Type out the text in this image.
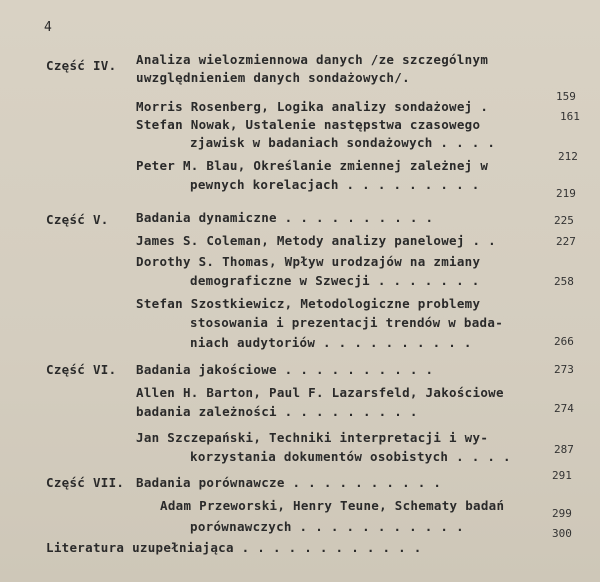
4
Część IV. Analiza wielozmiennowa danych /ze szczególnym
uwzględnieniem danych sondażowych/.
Morris Rosenberg, Logika analizy sondażowej .
Stefan Nowak, Ustalenie następstwa czasowego
zjawisk w badaniach sondażowych . . . .
Peter M. Blau, Określanie zmiennej zależnej w
pewnych korelacjach . . . . . . . . .
Część V. Badania dynamiczne . . . . . . . . . .
James S. Coleman, Metody analizy panelowej . .
Dorothy S. Thomas, Wpływ urodzajów na zmiany
demograficzne w Szwecji . . . . . . .
Stefan Szostkiewicz, Metodologiczne problemy
stosowania i prezentacji trendów w bada-
niach audytoriów . . . . . . . . . .
Część VI. Badania jakościowe . . . . . . . . . .
Allen H. Barton, Paul F. Lazarsfeld, Jakościowe
badania zależności . . . . . . . . .
Jan Szczepański, Techniki interpretacji i wy-
korzystania dokumentów osobistych . . . .
Część VII. Badania porównawcze . . . . . . . . . .
Adam Przeworski, Henry Teune, Schematy badań
porównawczych . . . . . . . . . . .
Literatura uzupełniająca . . . . . . . . . . . .
159
161
212
219
225
227
258
266
273
274
287
291
299
300
